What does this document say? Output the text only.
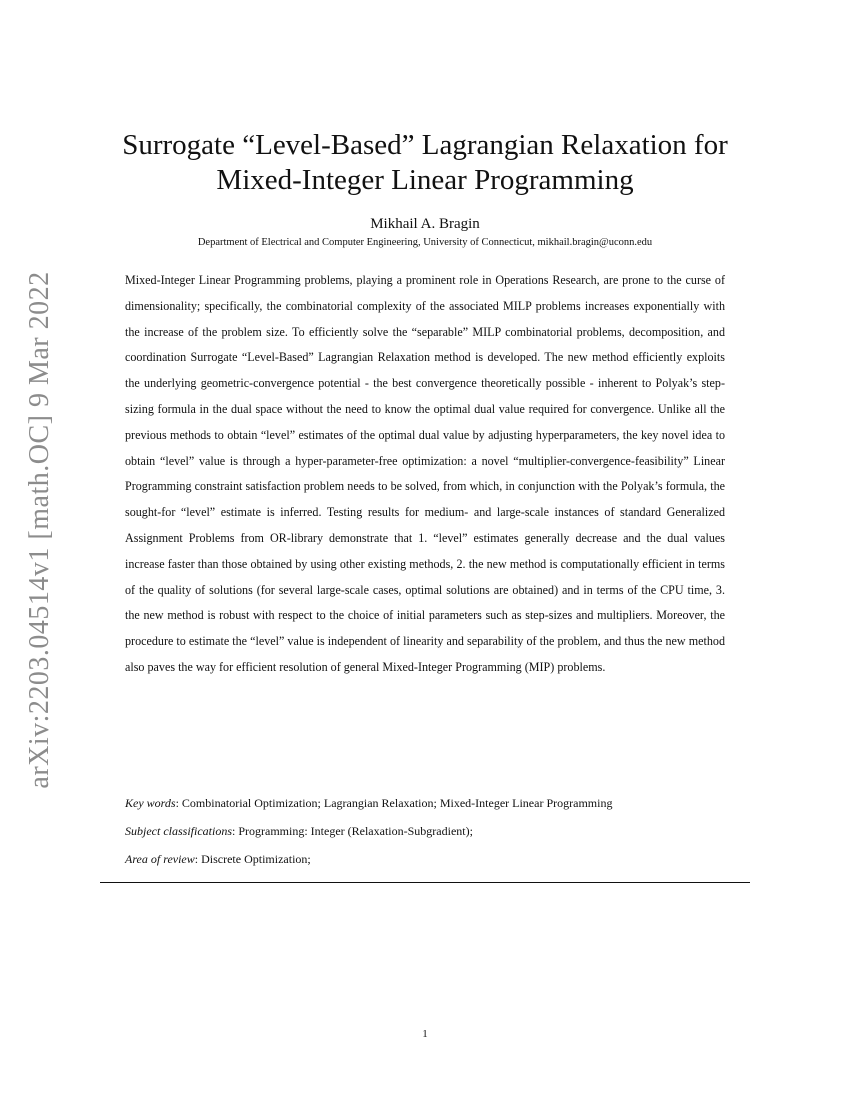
arXiv:2203.04514v1 [math.OC] 9 Mar 2022
Surrogate “Level-Based” Lagrangian Relaxation for
Mixed-Integer Linear Programming
Mikhail A. Bragin
Department of Electrical and Computer Engineering, University of Connecticut, mikhail.bragin@uconn.edu

Mixed-Integer Linear Programming problems, playing a prominent role in Operations Research, are prone to the curse of dimensionality; specifically, the combinatorial complexity of the associated MILP problems increases exponentially with the increase of the problem size. To efficiently solve the “separable” MILP combinatorial problems, decomposition, and coordination Surrogate “Level-Based” Lagrangian Relaxation method is developed. The new method efficiently exploits the underlying geometric-convergence potential - the best convergence theoretically possible - inherent to Polyak’s step-sizing formula in the dual space without the need to know the optimal dual value required for convergence. Unlike all the previous methods to obtain “level” estimates of the optimal dual value by adjusting hyperparameters, the key novel idea to obtain “level” value is through a hyper-parameter-free optimization: a novel “multiplier-convergence-feasibility” Linear Programming constraint satisfaction problem needs to be solved, from which, in conjunction with the Polyak’s formula, the sought-for “level” estimate is inferred. Testing results for medium- and large-scale instances of standard Generalized Assignment Problems from OR-library demonstrate that 1. “level” estimates generally decrease and the dual values increase faster than those obtained by using other existing methods, 2. the new method is computationally efficient in terms of the quality of solutions (for several large-scale cases, optimal solutions are obtained) and in terms of the CPU time, 3. the new method is robust with respect to the choice of initial parameters such as step-sizes and multipliers. Moreover, the procedure to estimate the “level” value is independent of linearity and separability of the problem, and thus the new method also paves the way for efficient resolution of general Mixed-Integer Programming (MIP) problems.

Key words: Combinatorial Optimization; Lagrangian Relaxation; Mixed-Integer Linear Programming
Subject classifications: Programming: Integer (Relaxation-Subgradient);
Area of review: Discrete Optimization;
1
